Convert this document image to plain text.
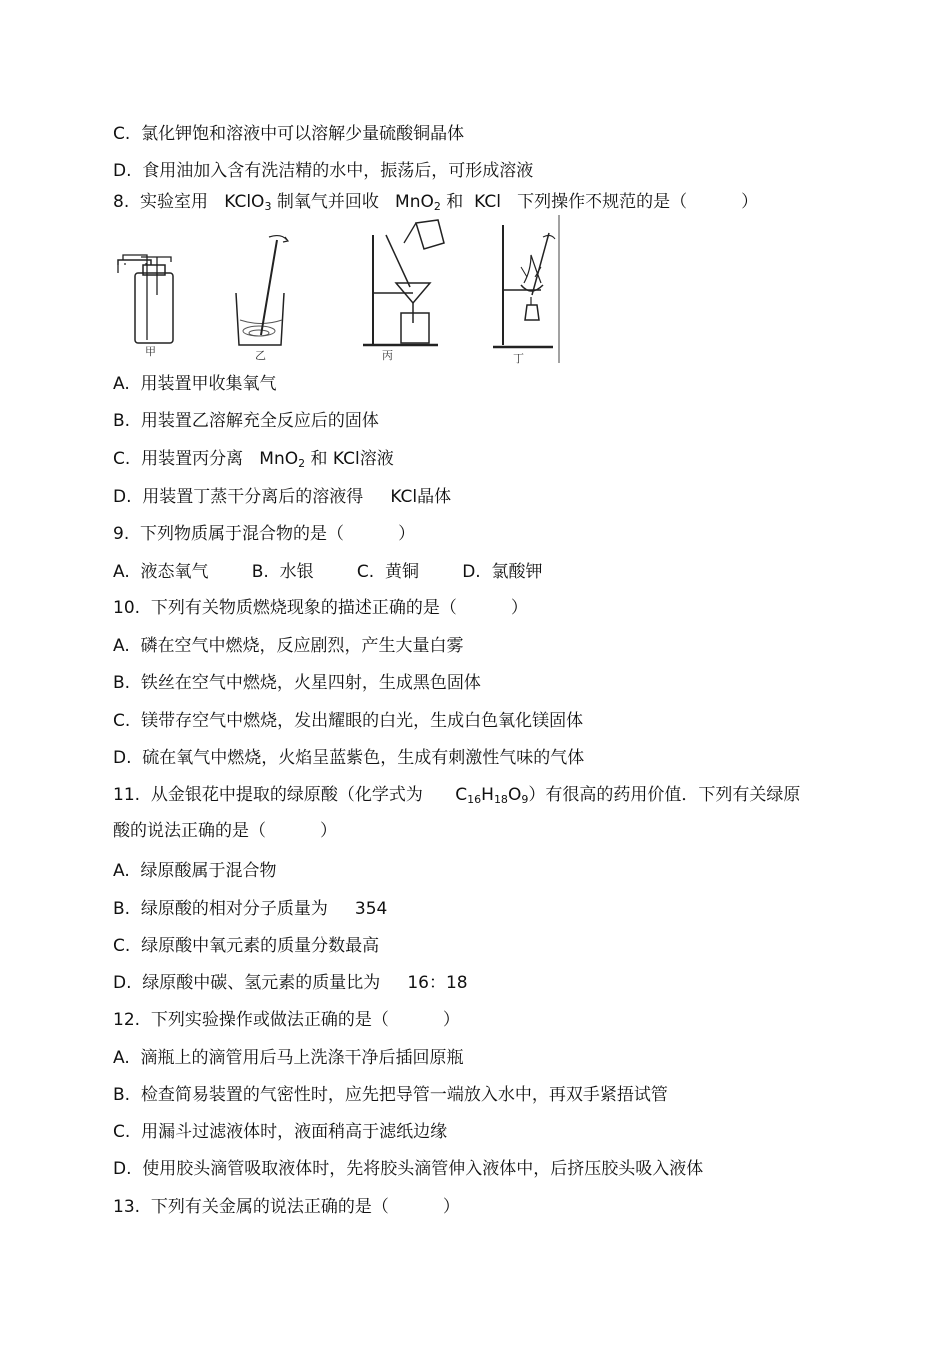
C.  氯化钾饱和溶液中可以溶解少量硫酸铜晶体
D.  食用油加入含有洗洁精的水中，振荡后，可形成溶液
8.  实验室用   KClO$_3$ 制氧气并回收   MnO$_2$ 和  KCl   下列操作不规范的是（          ）
甲	乙	丙	丁
A.  用装置甲收集氧气
B.  用装置乙溶解充全反应后的固体
C.  用装置丙分离   MnO$_2$ 和 KCl溶液
D.  用装置丁蒸干分离后的溶液得     KCl晶体
9.  下列物质属于混合物的是（          ）
A.  液态氧气        B.  水银        C.  黄铜        D.  氯酸钾
10.  下列有关物质燃烧现象的描述正确的是（          ）
A.  磷在空气中燃烧，反应剧烈，产生大量白雾
B.  铁丝在空气中燃烧，火星四射，生成黑色固体
C.  镁带存空气中燃烧，发出耀眼的白光，生成白色氧化镁固体
D.  硫在氧气中燃烧，火焰呈蓝紫色，生成有刺激性气味的气体
11.  从金银花中提取的绿原酸（化学式为      $C_{16}H_{18}O_9$）有很高的药用价值．下列有关绿原
酸的说法正确的是（          ）
A.  绿原酸属于混合物
B.  绿原酸的相对分子质量为     354
C.  绿原酸中氧元素的质量分数最高
D.  绿原酸中碳、氢元素的质量比为     16：18
12.  下列实验操作或做法正确的是（          ）
A.  滴瓶上的滴管用后马上洗涤干净后插回原瓶
B.  检查简易装置的气密性时，应先把导管一端放入水中，再双手紧捂试管
C.  用漏斗过滤液体时，液面稍高于滤纸边缘
D.  使用胶头滴管吸取液体时，先将胶头滴管伸入液体中，后挤压胶头吸入液体
13.  下列有关金属的说法正确的是（          ）
